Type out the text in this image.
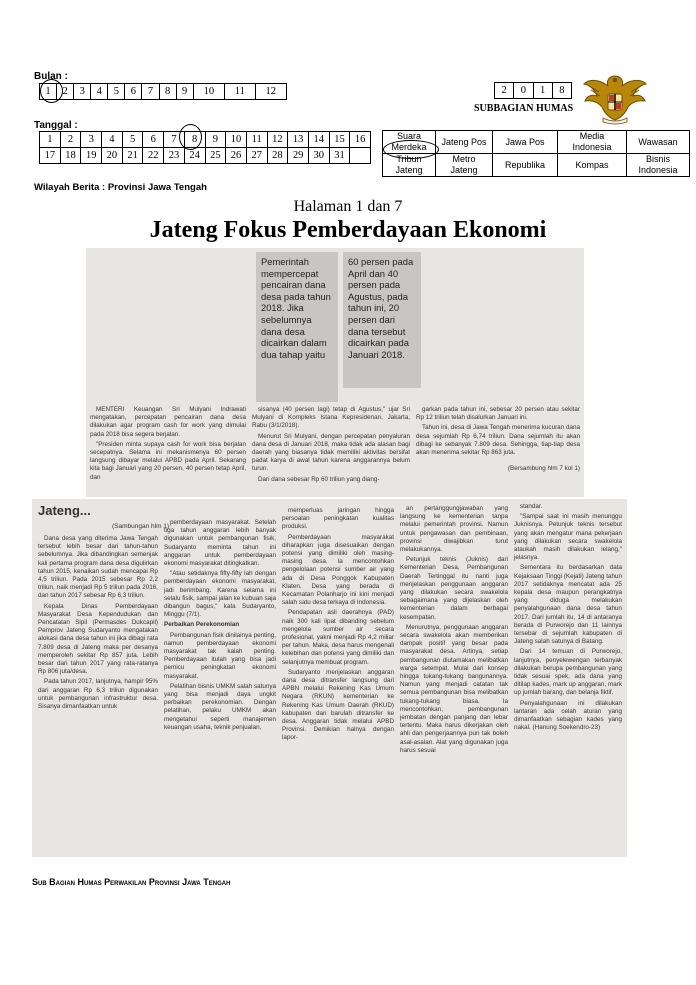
Bulan :
1	2	3	4	5	6	7	8	9	10	11	12
Tanggal :
1	2	3	4	5	6	7	8	9	10	11	12	13	14	15	16
17	18	19	20	21	22	23	24	25	26	27	28	29	30	31	
2	0	1	8
SUBBAGIAN HUMAS
Suara Merdeka	Jateng Pos	Jawa Pos	Media Indonesia	Wawasan
Tribun Jateng	Metro Jateng	Republika	Kompas	Bisnis Indonesia
Wilayah Berita : Provinsi Jawa Tengah
Halaman 1 dan 7
Jateng Fokus Pemberdayaan Ekonomi
Pemerintah mempercepat pencairan dana desa pada tahun 2018. Jika sebelumnya dana desa dicairkan dalam dua tahap yaitu
60 persen pada April dan 40 persen pada Agustus, pada tahun ini, 20 persen dari dana tersebut dicairkan pada Januari 2018.
MENTERI Keuangan Sri Mulyani Indrawati mengatakan, percepatan pencairan dana desa dilakukan agar program cash for work yang dimulai pada 2018 bisa segera berjalan.
"Presiden minta supaya cash for work bisa berjalan secepatnya. Selama ini mekanismenya 60 persen langsung dibayar melalui APBD pada April. Sekarang kita bagi Januari yang 20 persen, 40 persen tetap April, dan
sisanya (40 persen lagi) tetap di Agustus," ujar Sri Mulyani di Kompleks Istana Kepresidenan, Jakarta, Rabu (3/1/2018).
Menurut Sri Mulyani, dengan percepatan penyaluran dana desa di Januari 2018, maka tidak ada alasan bagi daerah yang biasanya tidak memiliki aktivitas bersifat padat karya di awal tahun karena anggarannya belum turun.
Dari dana sebesar Rp 60 triliun yang diang-
garkan pada tahun ini, sebesar 20 persen atau sekitar Rp 12 triliun telah disalurkan Januari ini.
Tahun ini, desa di Jawa Tengah menerima kucuran dana desa sejumlah Rp 6,74 triliun. Dana sejumlah itu akan dibagi ke sebanyak 7.809 desa. Sehingga, tiap-tiap desa akan menerima sekitar Rp 863 juta.
(Bersambung hlm 7 kol 1)
Jateng...
(Sambungan hlm 1)
Dana desa yang diterima Jawa Tengah tersebut lebih besar dari tahun-tahun sebelumnya. Jika dibandingkan semenjak kali pertama program dana desa digulirkan tahun 2015, kenaikan sudah mencapai Rp 4,5 triliun. Pada 2015 sebesar Rp 2,2 triliun, naik menjadi Rp 5 triliun pada 2016, dan tahun 2017 sebesar Rp 6,3 triliun.
Kepala Dinas Pemberdayaan Masyarakat Desa Kependudukan dan Pencatatan Sipil (Permasdes Dukcapil) Pemprov Jateng Sudaryanto mengatakan alokasi dana desa tahun ini jika dibagi rata 7.809 desa di Jateng maka per desanya memperoleh sekitar Rp 857 juta. Lebih besar dari tahun 2017 yang rata-ratanya Rp 806 juta/desa.
Pada tahun 2017, lanjutnya, hampir 95% dari anggaran Rp 6,3 triliun digunakan untuk pembangunan infrastruktur desa. Sisanya dimanfaatkan untuk
pemberdayaan masyarakat. Setelah tiga tahun anggaran lebih banyak digunakan untuk pembangunan fisik, Sudaryanto meminta tahun ini anggaran untuk pemberdayaan ekonomi masyarakat ditingkatkan.
"Atau setidaknya fifty-fifty lah dengan pemberdayaan ekonomi masyarakat, jadi berimbang. Karena selama ini selalu fisik, sampai jalan ke kubuan saja dibangun bagus," kata Sudaryanto, Minggu (7/1).
Perbaikan Perekonomian
Pembangunan fisik dinilainya penting, namun pemberdayaan ekonomi masyarakat tak kalah penting. Pemberdayaan itulah yang bisa jadi pemicu peningkatan ekonomi masyarakat.
Pelatihan bisnis UMKM salah satunya yang bisa menjadi daya ungkit perbaikan perekonomian. Dengan pelatihan, pelaku UMKM akan mengetahui seperti manajemen keuangan usaha, teknik penjualan,
memperluas jaringan hingga persoalan peningkatan kualitas produksi.
Pemberdayaan masyarakat diharapkan juga disesuaikan dengan potensi yang dimiliki oleh masing-masing desa. Ia mencontohkan pengelolaan potensi sumber air yang ada di Desa Ponggok Kabupaten Klaten. Desa yang berada di Kecamatan Polanharjo ini kini menjadi salah satu desa terkaya di Indonesia.
Pendapatan asli daerahnya (PAD) naik 300 kali lipat dibanding sebelum mengelola sumber air secara profesional, yakni menjadi Rp 4,2 miliar per tahun. Maka, desa harus mengenali kelebihan dan potensi yang dimiliki dan selanjutnya membuat program.
Sudaryanto menjelaskan anggaran dana desa ditransfer langsung dari APBN melalui Rekening Kas Umum Negara (RKUN) kementerian ke Rekening Kas Umum Daerah (RKUD) kabupaten dan barulah ditransfer ke desa. Anggaran tidak melalui APBD Provinsi. Demikian halnya dengan lapor-
an pertanggungjawaban yang langsung ke kementerian tanpa melalui pemerintah provinsi. Namun untuk pengawasan dan pembinaan, provinsi diwajibkan turut melakukannya.
Petunjuk teknis (Juknis) dari Kementerian Desa, Pembangunan Daerah Tertinggal itu nanti juga menjelaskan penggunaan anggaran yang dilakukan secara swakelola sebagaimana yang dijelaskan oleh kementerian dalam berbagai kesempatan.
Menurutnya, penggunaan anggaran secara swakelola akan memberikan dampak positif yang besar pada masyarakat desa. Artinya, setiap pembangunan diutamakan melibatkan warga setempat. Mulai dari konsep hingga tukang-tukang bangunannya. Namun yang menjadi catatan tak semua pembangunan bisa melibatkan tukang-tukang biasa. Ia mencontohkan, pembangunan jembatan dengan panjang dan lebar tertentu. Maka harus dikerjakan oleh ahli dan pengerjaannya pun tak boleh asal-asalan. Alat yang digunakan juga harus sesuai
standar.
"Sampai saat ini masih menunggu Juknisnya. Petunjuk teknis tersebut yang akan mengatur mana pekerjaan yang dilakukan secara swakelola ataukah masih dilakukan lelang," jelasnya.
Sementara itu berdasarkan data Kejaksaan Tinggi (Kejati) Jateng tahun 2017 setidaknya mencatat ada 25 kepala desa maupun perangkatnya yang diduga melakukan penyalahgunaan dana desa tahun 2017. Dari jumlah itu, 14 di antaranya berada di Purworejo dan 11 lainnya tersebar di sejumlah kabupaten di Jateng salah satunya di Batang.
Dari 14 temuan di Purworejo, lanjutnya, penyelewengan terbanyak dilakukan berupa pembangunan yang tidak sesuai spek, ada dana yang ditilap kades, mark up anggaran, mark up jumlah barang, dan belanja fiktif.
Penyalahgunaan ini dilakukan lantaran ada celah aturan yang dimanfaatkan sebagian kades yang nakal. (Hanung Soekendro-23)
Sub Bagian Humas Perwakilan Provinsi Jawa Tengah
